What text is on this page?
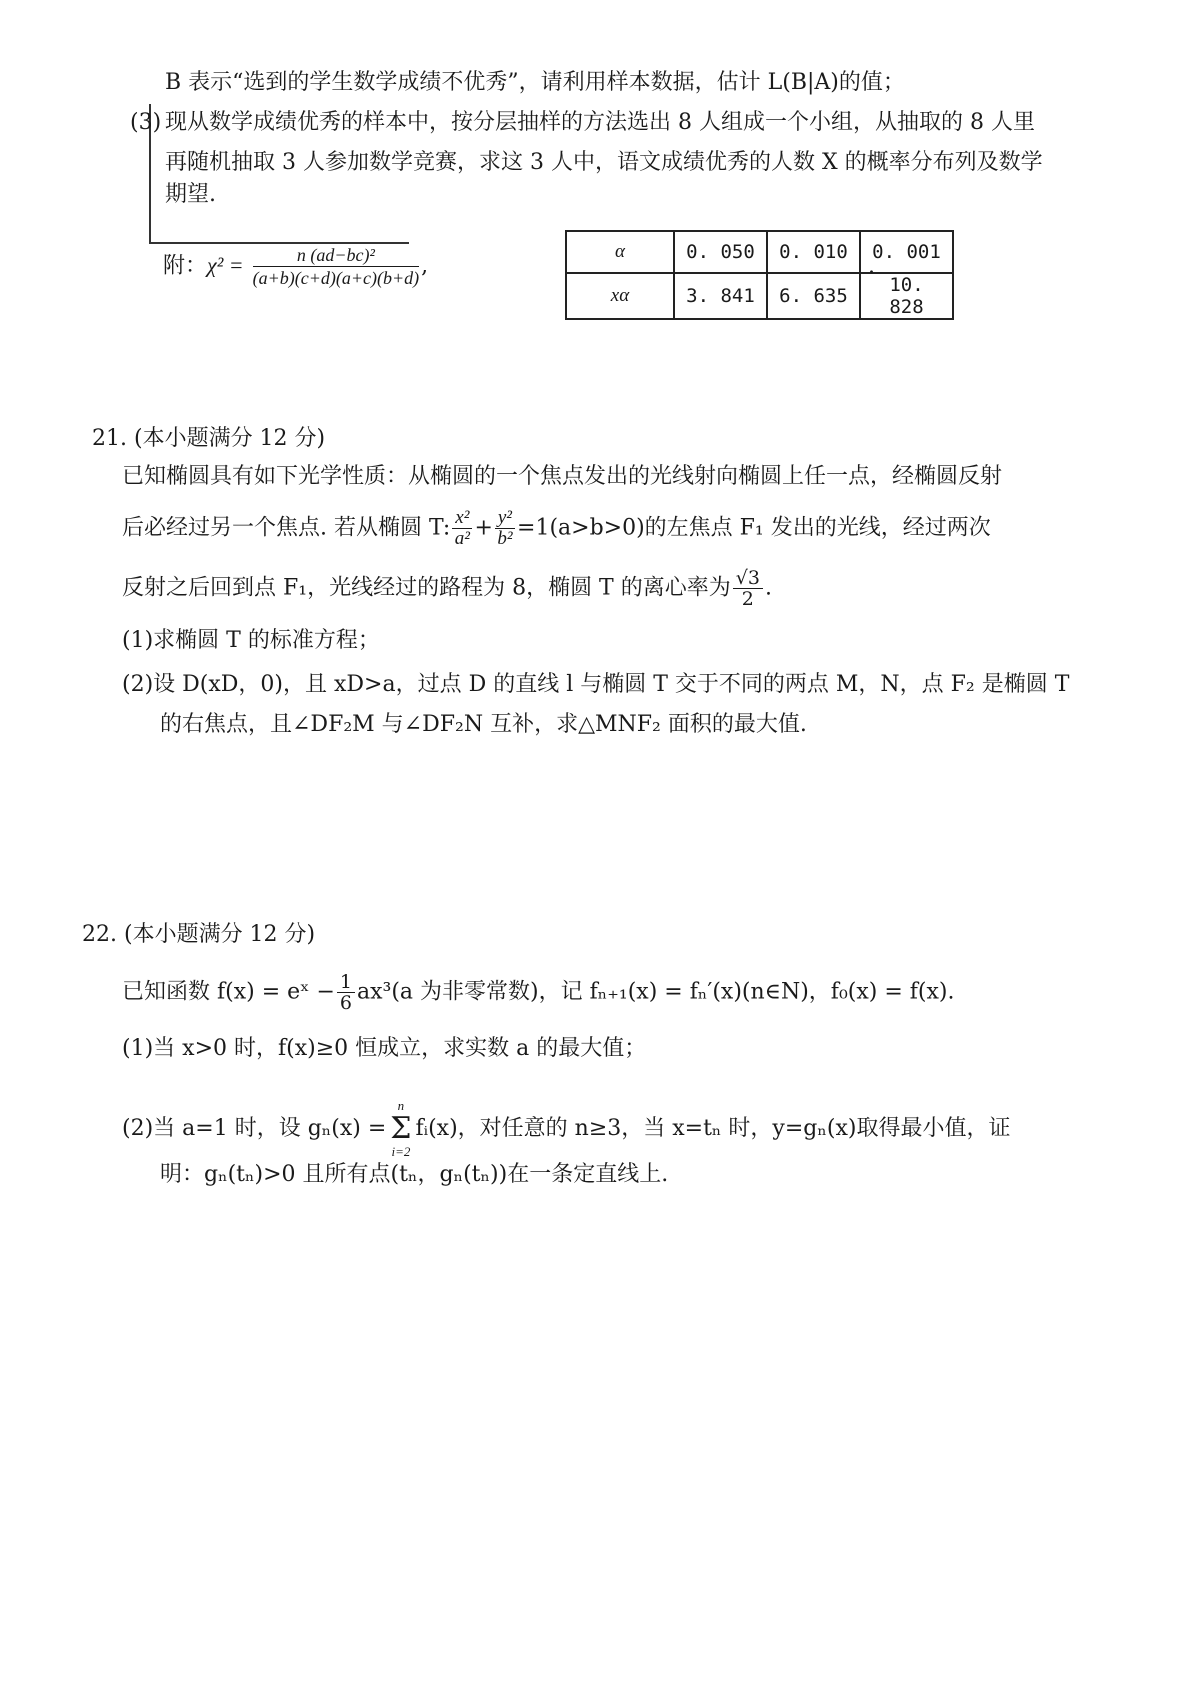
B 表示“选到的学生数学成绩不优秀”，请利用样本数据，估计 L(B|A)的值；
(3) 现从数学成绩优秀的样本中，按分层抽样的方法选出 8 人组成一个小组，从抽取的 8 人里
再随机抽取 3 人参加数学竞赛，求这 3 人中，语文成绩优秀的人数 X 的概率分布列及数学
期望.
附：$\chi^2 = \frac{\text{n (ad−bc)²}}{(a+b)(c+d)(a+c)(b+d)}$ ,
α	0. 050	0. 010	0. 001
xα	3. 841	6. 635	10. 828
.
21. (本小题满分 12 分)
已知椭圆具有如下光学性质：从椭圆的一个焦点发出的光线射向椭圆上任一点，经椭圆反射
后必经过另一个焦点. 若从椭圆 T: $\frac{\text{x²}}{\text{a²}} + \frac{\text{y²}}{\text{b²}} =1(a>b>0)$的左焦点 F₁ 发出的光线，经过两次
反射之后回到点 F₁，光线经过的路程为 8，椭圆 T 的离心率为 $\frac{√3}{2}$ .
(1)求椭圆 T 的标准方程；
(2)设 D(xD，0)，且 xD>a，过点 D 的直线 l 与椭圆 T 交于不同的两点 M，N，点 F₂ 是椭圆 T
的右焦点，且∠DF₂M 与∠DF₂N 互补，求△MNF₂ 面积的最大值.
22. (本小题满分 12 分)
已知函数 f(x) = eˣ − $\frac{1}{6} ax^3(a$ 为非零常数)，记 fₙ₊₁(x) = fₙ′(x)(n∈N)，f₀(x) = f(x).
(1)当 x>0 时，f(x)≥0 恒成立，求实数 a 的最大值；
(2)当 a=1 时，设 gₙ(x) =
n
Σ
i=2
fᵢ(x)，对任意的 n≥3，当 x=tₙ 时，y=gₙ(x)取得最小值，证
明：gₙ(tₙ)>0 且所有点(tₙ，gₙ(tₙ))在一条定直线上.
